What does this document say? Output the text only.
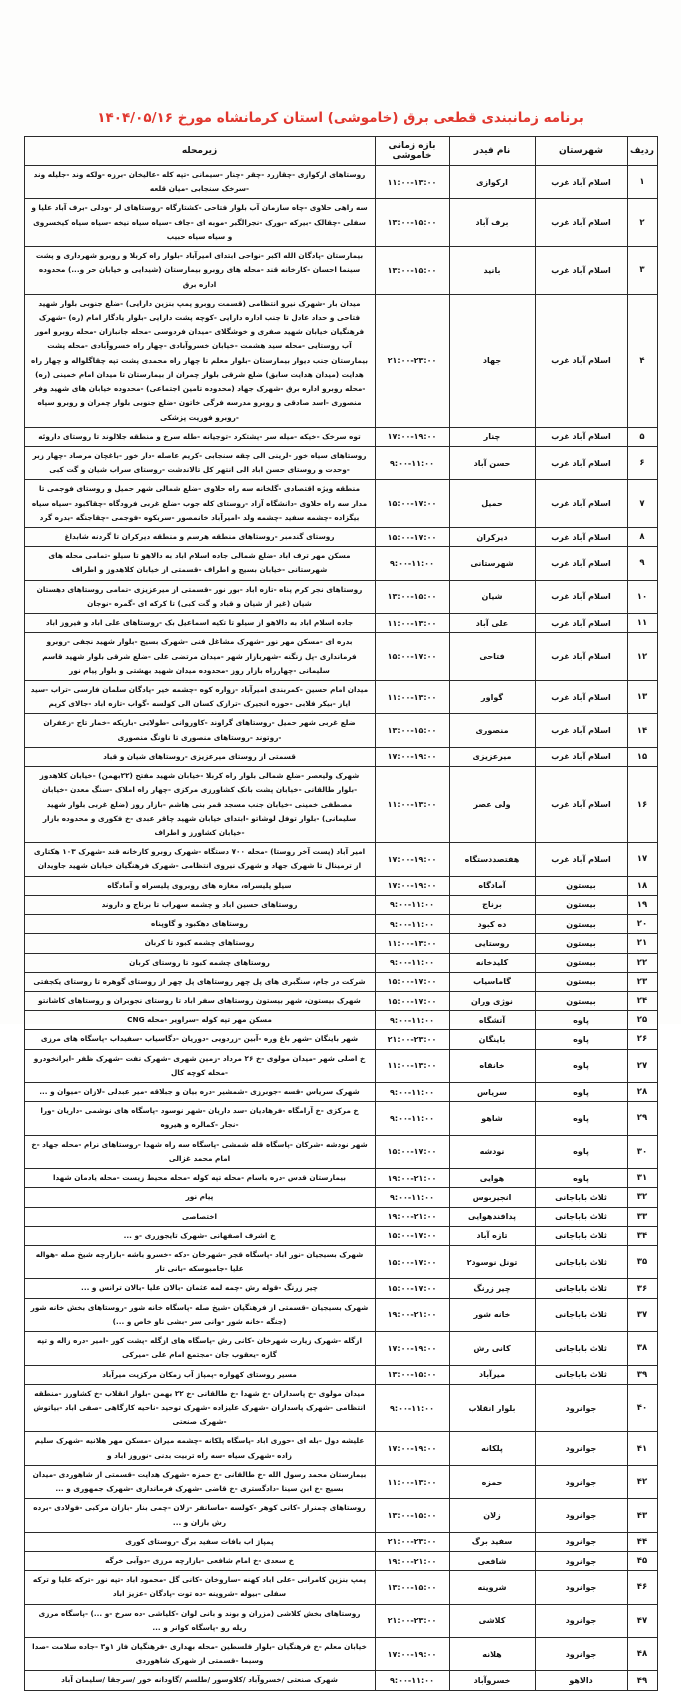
برنامه زمانبندی قطعی برق (خاموشی) استان کرمانشاه مورخ ۱۴۰۴/۰۵/۱۶
ردیف	شهرستان	نام فیدر	بازه زمانی خاموشی	زیرمحله
۱	اسلام آباد غرب	ارکوازی	۱۱:۰۰-۱۳:۰۰	روستاهای ارکوازی -چقازرد -چقر -چنار -سیمانی -تپه کله -عالیخان -برزه -ولکه وند -جلیله وند -سرخک سنجابی -میان قلعه
۲	اسلام آباد غرب	برف آباد	۱۳:۰۰-۱۵:۰۰	سه راهی حلاوی -چاه سازمان آب بلوار فتاحی -کشتارگاه -روستاهای لر -ودلی -برف آباد علیا و سفلی -چقالک -بیرکه -بورک -نجرالگبر -موبه ای -جاف -سیاه سیاه نیخه -سیاه سیاه کیخسروی و سیاه سیاه حبیب
۳	اسلام آباد غرب	بانید	۱۳:۰۰-۱۵:۰۰	بیمارستان -پادگان الله اکبر -نواحی ابتدای امیرآباد -بلوار راه کربلا و روبرو شهرداری و پشت سینما احسان -کارخانه قند -محله های روبرو بیمارستان (شیدایی و خیابان حر و...) محدوده اداره برق
۴	اسلام آباد غرب	جهاد	۲۱:۰۰-۲۳:۰۰	میدان بار -شهرک نیرو انتظامی (قسمت روبرو پمپ بنزین دارایی) -ضلع جنوبی بلوار شهید فتاحی و حداد عادل تا جنب اداره دارایی -کوچه پشت دارایی -بلوار یادگار امام (ره) -شهرک فرهنگیان خیابان شهید صفری و خوشگلای -میدان فردوسی -محله جانبازان -محله روبرو امور آب روستایی -محله سید هشمت -خیابان خسروآبادی -چهار راه خسروآبادی -محله پشت بیمارستان جنب دیوار بیمارستان -بلوار معلم تا چهار راه محمدی پشت تپه چقاگلواله و چهار راه هدایت (میدان هدایت سابق) ضلع شرقی بلوار چمران از بیمارستان تا میدان امام خمینی (ره) -محله روبرو اداره برق -شهرک جهاد (محدوده تامین اجتماعی) -محدوده خیابان های شهید وفر منصوری -اسد صادقی و روبرو مدرسه فرگی خاتون -ضلع جنوبی بلوار چمران و روبرو سپاه -روبرو فوریت پزشکی
۵	اسلام آباد غرب	چنار	۱۷:۰۰-۱۹:۰۰	توه سرخک -خیکه -میله سر -پشتکرد -توجیانه -طله سرخ و منطقه جلالوند تا روستای داروئه
۶	اسلام آباد غرب	حسن آباد	۹:۰۰-۱۱:۰۰	روستاهای سیاه خور -لرینی الی چقه سنجابی -کریم عاصله -دار خور -باغچان مرصاد -چهار زبر -وحدت و روستای حسن اباد الی انتهر کل تالاندشت -روستای سراب شیان و گت کبی
۷	اسلام آباد غرب	حمیل	۱۵:۰۰-۱۷:۰۰	منطقه ویژه اقتصادی -گلخانه سه راه حلاوی -ضلع شمالی شهر حمیل و روستای فوجمی تا مدار سه راه حلاوی -دانشگاه آزاد -روستای کله جوب -ضلع غربی فرودگاه -چقاکبود -سیاه سیاه بیگزاده -چشمه سفید -چشمه ولد -امیرآباد خانمصور -سربکوه -فوجمی -چقاجنگه -بدره گرد
۸	اسلام آباد غرب	دیرکران	۱۵:۰۰-۱۷:۰۰	روستای گندمبر -روستاهای منطقه هرسم و منطقه دیرکران تا گردنه شابداغ
۹	اسلام آباد غرب	شهرستانی	۹:۰۰-۱۱:۰۰	مسکن مهر ترف اباد -ضلع شمالی جاده اسلام اباد به دالاهو تا سیلو -تمامی محله های شهرستانی -خیابان بسیج و اطراف -قسمتی از خیابان کلاهدوز و اطراف
۱۰	اسلام آباد غرب	شیان	۱۳:۰۰-۱۵:۰۰	روستاهای نجر کرم پناه -تازه اباد -بور نور -قسمتی از میرعزیزی -تمامی روستاهای دهستان شیان (غیر از شیان و قباد و گت کبی) تا کرکه ای -گمره -نوجان
۱۱	اسلام آباد غرب	علی آباد	۱۱:۰۰-۱۳:۰۰	جاده اسلام اباد به دالاهو از سیلو تا تکیه اسماعیل بک -روستاهای علی اباد و فیروز اباد
۱۲	اسلام آباد غرب	فتاحی	۱۵:۰۰-۱۷:۰۰	بدره ای -مسکن مهر نور -شهرک مشاغل فنی -شهرک بسیج -بلوار شهید نجفی -روبرو فرمانداری -پل زنگنه -شهربازار شهر -میدان مرتضی علی -ضلع شرقی بلوار شهید قاسم سلیمانی -چهارراه بازار روز -محدوده میدان شهید بهشتی و بلوار پیام نور
۱۳	اسلام آباد غرب	گواور	۱۱:۰۰-۱۳:۰۰	میدان امام حسین -کمربندی امیرآباد -زواره کوه -چشمه خیر -پادگان سلمان فارسی -تراب -سید ایاز -بیکر فلابی -حوزه انجیرک -ترازک کسان الی کولسه -گواب -تازه اباد -جالای کریم
۱۴	اسلام آباد غرب	منصوری	۱۳:۰۰-۱۵:۰۰	ضلع غربی شهر حمیل -روستاهای گراوند -کاوروانی -طولابی -باریکه -خمار تاج -زعفران -روتوند -روستاهای منصوری تا ناونگ منصوری
۱۵	اسلام آباد غرب	میرعزیزی	۱۷:۰۰-۱۹:۰۰	قسمتی از روستای میرعزیزی -روستاهای شیان و قباد
۱۶	اسلام آباد غرب	ولی عصر	۱۱:۰۰-۱۳:۰۰	شهرک ولیعصر -ضلع شمالی بلوار راه کربلا -خیابان شهید مفتح (۲۲بهمن) -خیابان کلاهدوز -بلوار طالقانی -خیابان پشت بانک کشاورزی مرکزی -چهار راه املاک -سنگ معدن -خیابان مصطفی خمینی -خیابان جنب مسجد قمر بنی هاشم -بازار روز (ضلع غربی بلوار شهید سلیمانی) -بلوار توفل لوشاتو -ابتدای خیابان شهید چاقر عبدی -خ فکوری و محدوده بازار -خیابان کشاورز و اطراف
۱۷	اسلام آباد غرب	هفتصددستگاه	۱۷:۰۰-۱۹:۰۰	امیر آباد (پست آخر روستا) -محله ۷۰۰ دستگاه -شهرک روبرو کارخانه قند -شهرک ۱۰۳ هکتاری از ترمینال تا شهرک جهاد و شهرک نیروی انتظامی -شهرک فرهنگیان خیابان شهید جاویدان
۱۸	بیستون	آمادگاه	۱۷:۰۰-۱۹:۰۰	سیلو پلیسراه، مغازه های روبروی پلیسراه و آمادگاه
۱۹	بیستون	برناج	۹:۰۰-۱۱:۰۰	روستاهای حسین اباد و چشمه سهراب تا برناج و داروند
۲۰	بیستون	ده کبود	۹:۰۰-۱۱:۰۰	روستاهای دهکبود و گاوپناه
۲۱	بیستون	روستایی	۱۱:۰۰-۱۳:۰۰	روستاهای چشمه کبود تا کربان
۲۲	بیستون	کلیدخانه	۹:۰۰-۱۱:۰۰	روستاهای چشمه کبود تا روستای کربان
۲۳	بیستون	گاماسیاب	۱۵:۰۰-۱۷:۰۰	شرکت در جام، سنگبری های پل چهر روستاهای پل چهر از روستای گوهره تا روستای یکجفتی
۲۴	بیستون	نوژی وران	۱۵:۰۰-۱۷:۰۰	شهرک بیستون، شهر بیستون روستاهای سفر اباد تا روستای نجوبران و روستاهای کاشانتو
۲۵	پاوه	آتشگاه	۹:۰۰-۱۱:۰۰	مسکن مهر تپه کوله -سراویر -محله CNG
۲۶	پاوه	باینگان	۲۱:۰۰-۲۳:۰۰	شهر باینگان -شهر باغ وره -آبین -زردویی -دوریان -دگاسیاب -سفیداب -پاسگاه های مرزی
۲۷	پاوه	خانقاه	۱۱:۰۰-۱۳:۰۰	خ اصلی شهر -میدان مولوی -خ ۲۶ مرداد -زمین شهری -شهرک نفت -شهرک ظفر -ایرانخودرو -محله کوچه کال
۲۸	پاوه	سریاس	۹:۰۰-۱۱:۰۰	شهرک سریاس -قسه -جوبرزی -شمشیر -دره بیان و جبلاقه -میر عبدلی -لازان -میوان و ...
۲۹	پاوه	شاهو	۹:۰۰-۱۱:۰۰	خ مرکزی -خ آرامگاه -فرهادیان -سد داریان -شهر نوسود -پاسگاه های نوشمی -داریان -ورا -نجار -کمالره و هیروه
۳۰	پاوه	نودشه	۱۵:۰۰-۱۷:۰۰	شهر نودشه -شرکان -پاسگاه قله شمشی -پاسگاه سه راه شهدا -روستاهای نرام -محله جهاد -خ امام محمد غزالی
۳۱	پاوه	هوایی	۱۹:۰۰-۲۱:۰۰	بیمارستان قدس -دره باسام -محله تپه کوله -محله محیط زیست -محله یادمان شهدا
۳۲	ثلاث باباجانی	انجیربوس	۹:۰۰-۱۱:۰۰	پیام نور
۳۳	ثلاث باباجانی	پدافندهوایی	۱۹:۰۰-۲۱:۰۰	اختصاصی
۳۴	ثلاث باباجانی	تازه آباد	۱۵:۰۰-۱۷:۰۰	خ اشرف اصفهانی -شهرک تایجوزری -و ...
۳۵	ثلاث باباجانی	تونل نوسود۲	۱۵:۰۰-۱۷:۰۰	شهرک بسیجیان -نور اباد -پاسگاه قجر -شهرخان -دکه -خسرو باشه -بازارچه شیخ صله -هواله علیا -جامبوسکه -بانی تار
۳۶	ثلاث باباجانی	چیر زرنگ	۱۵:۰۰-۱۷:۰۰	چیر زرنگ -قوله رش -چمه لمه عثمان -بالان علیا -بالان ترانس و ...
۳۷	ثلاث باباجانی	خانه شور	۱۹:۰۰-۲۱:۰۰	شهرک بسیجیان -قسمتی از فرهنگیان -شیخ صله -پاسگاه خانه شور -روستاهای بخش خانه شور (جنگه -خانه شور -وانی سر -بشی ناو خاص و ...)
۳۸	ثلاث باباجانی	کانی رش	۱۷:۰۰-۱۹:۰۰	ازگله -شهرک زیارت شهرخان -کانی رش -پاسگاه های ازگله -پشت کور -امیر -دره زاله و تپه گازه -یعقوب جان -مجتمع امام علی -میرکی
۳۹	ثلاث باباجانی	میرآباد	۱۳:۰۰-۱۵:۰۰	مسیر روستای کهواره -پمپاژ آب زمکان مرکزیت میرآباد
۴۰	جوانرود	بلوار انقلاب	۹:۰۰-۱۱:۰۰	میدان مولوی -خ پاسداران -خ شهدا -خ طالقانی -خ ۲۲ بهمن -بلوار انقلاب -خ کشاورز -منطقه انتظامی -شهرک پاسداران -شهرک علیزاده -شهرک توحید -ناحیه کارگاهی -صفی اباد -بیاتوش -شهرک صنعتی
۴۱	جوانرود	پلکانه	۱۷:۰۰-۱۹:۰۰	علیشه دول -بله ای -حوری اباد -پاسگاه پلکانه -چشمه میران -مسکن مهر هلانیه -شهرک سلیم زاده -شهرک سیاه -سه راه تربیت بدنی -نوروز اباد و
۴۲	جوانرود	حمزه	۱۱:۰۰-۱۳:۰۰	بیمارستان محمد رسول الله -خ طالقانی -خ حمزه -شهرک هدایت -قسمتی از شاهوردی -میدان بسیج -خ ابن سینا -دادگستری -خ قاضی -شهرک فرمانداری -شهرک جمهوری و ...
۴۳	جوانرود	زلان	۱۳:۰۰-۱۵:۰۰	روستاهای چمنرار -کانی کوهر -کولسه -ماسانفر -زلان -چمی بنار -بازان مرکبی -فولادی -برده رش بازان و ...
۴۴	جوانرود	سفید برگ	۲۱:۰۰-۲۳:۰۰	پمپاژ اب بافات سفید برگ -روستای کوری
۴۵	جوانرود	شافعی	۱۹:۰۰-۲۱:۰۰	خ سعدی -خ امام شافعی -بازارچه مرزی -دوآبی خرگه
۴۶	جوانرود	شروینه	۱۳:۰۰-۱۵:۰۰	پمپ بنزین کامرانی -علی اباد کهنه -ساروخان -کانی گل -محمود اباد -تپه نور -ترکه علیا و ترکه سفلی -بیوله -شروینه -ده توت -پادگان -عزیز اباد
۴۷	جوانرود	کلاشی	۲۱:۰۰-۲۳:۰۰	روستاهای بخش کلاشی (مزران و بوند و بانی لوان -کلیاشی -ده سرخ -و ...) -پاسگاه مرزی ریله رو -پاسگاه کوانر و ...
۴۸	جوانرود	هلانه	۱۷:۰۰-۱۹:۰۰	خیابان معلم -خ فرهنگیان -بلوار فلسطین -محله بهداری -فرهنگیان فاز ۱و۳ -جاده سلامت -صدا وسیما -قسمتی از شهرک شاهوردی
۴۹	دالاهو	خسروآباد	۹:۰۰-۱۱:۰۰	شهرک صنعتی /خسروآباد /کلاوسور /طلسم /گاودانه خور /سرجقا /سلیمان آباد
